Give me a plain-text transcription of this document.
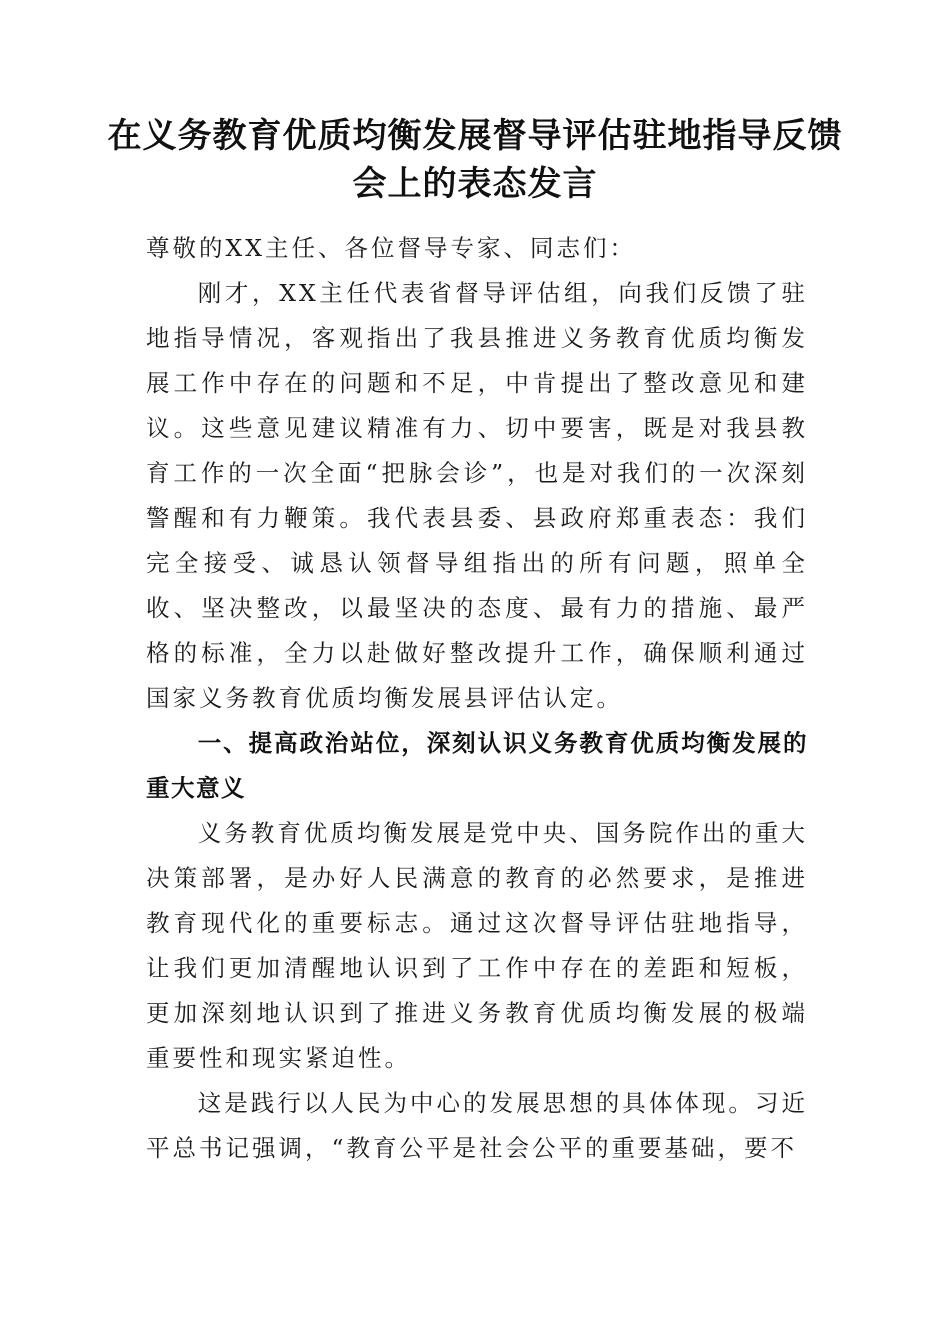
在义务教育优质均衡发展督导评估驻地指导反馈会上的表态发言

尊敬的XX主任、各位督导专家、同志们：

刚才，XX主任代表省督导评估组，向我们反馈了驻地指导情况，客观指出了我县推进义务教育优质均衡发展工作中存在的问题和不足，中肯提出了整改意见和建议。这些意见建议精准有力、切中要害，既是对我县教育工作的一次全面“把脉会诊”，也是对我们的一次深刻警醒和有力鞭策。我代表县委、县政府郑重表态：我们完全接受、诚恳认领督导组指出的所有问题，照单全收、坚决整改，以最坚决的态度、最有力的措施、最严格的标准，全力以赴做好整改提升工作，确保顺利通过国家义务教育优质均衡发展县评估认定。

一、提高政治站位，深刻认识义务教育优质均衡发展的重大意义

义务教育优质均衡发展是党中央、国务院作出的重大决策部署，是办好人民满意的教育的必然要求，是推进教育现代化的重要标志。通过这次督导评估驻地指导，让我们更加清醒地认识到了工作中存在的差距和短板，更加深刻地认识到了推进义务教育优质均衡发展的极端重要性和现实紧迫性。

这是践行以人民为中心的发展思想的具体体现。习近平总书记强调，“教育公平是社会公平的重要基础，要不
